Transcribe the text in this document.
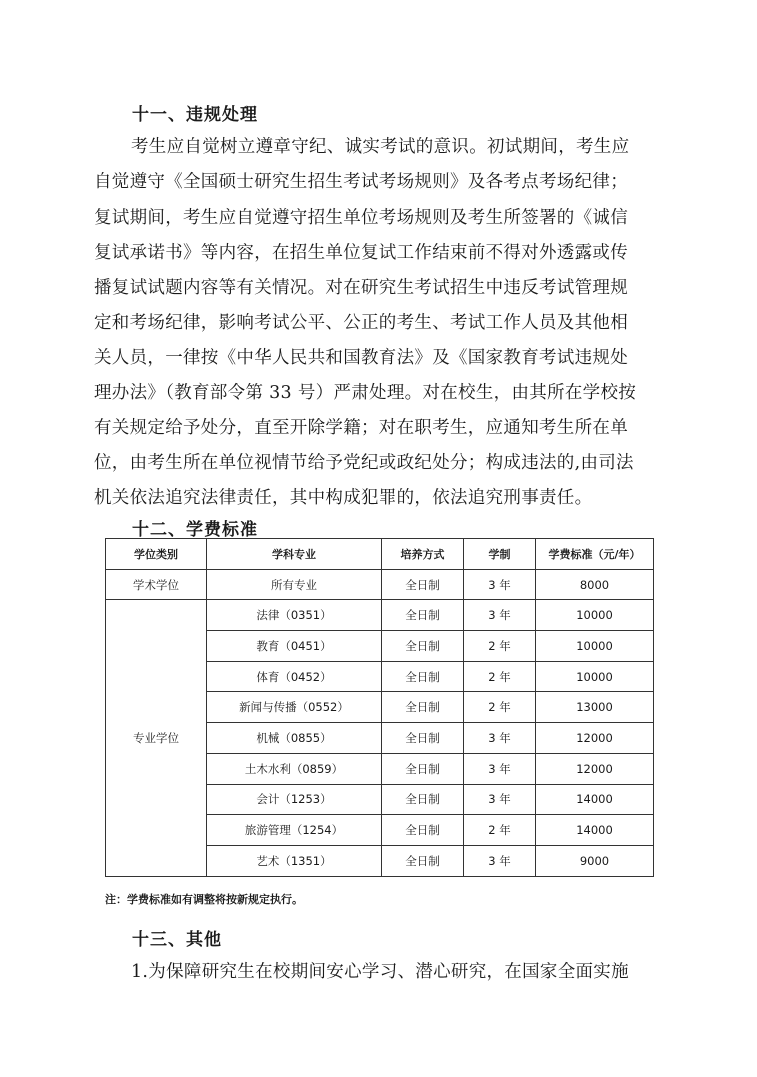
十一、违规处理
考生应自觉树立遵章守纪、诚实考试的意识。初试期间，考生应
自觉遵守《全国硕士研究生招生考试考场规则》及各考点考场纪律；
复试期间，考生应自觉遵守招生单位考场规则及考生所签署的《诚信
复试承诺书》等内容，在招生单位复试工作结束前不得对外透露或传
播复试试题内容等有关情况。对在研究生考试招生中违反考试管理规
定和考场纪律，影响考试公平、公正的考生、考试工作人员及其他相
关人员，一律按《中华人民共和国教育法》及《国家教育考试违规处
理办法》（教育部令第 33 号）严肃处理。对在校生，由其所在学校按
有关规定给予处分，直至开除学籍；对在职考生，应通知考生所在单
位，由考生所在单位视情节给予党纪或政纪处分；构成违法的,由司法
机关依法追究法律责任，其中构成犯罪的，依法追究刑事责任。
十二、学费标准
学位类别	学科专业	培养方式	学制	学费标准（元/年）
学术学位	所有专业	全日制	3 年	8000
专业学位	法律（0351）	全日制	3 年	10000
	教育（0451）	全日制	2 年	10000
	体育（0452）	全日制	2 年	10000
	新闻与传播（0552）	全日制	2 年	13000
	机械（0855）	全日制	3 年	12000
	土木水利（0859）	全日制	3 年	12000
	会计（1253）	全日制	3 年	14000
	旅游管理（1254）	全日制	2 年	14000
	艺术（1351）	全日制	3 年	9000
注：学费标准如有调整将按新规定执行。
十三、其他
1.为保障研究生在校期间安心学习、潜心研究，在国家全面实施
